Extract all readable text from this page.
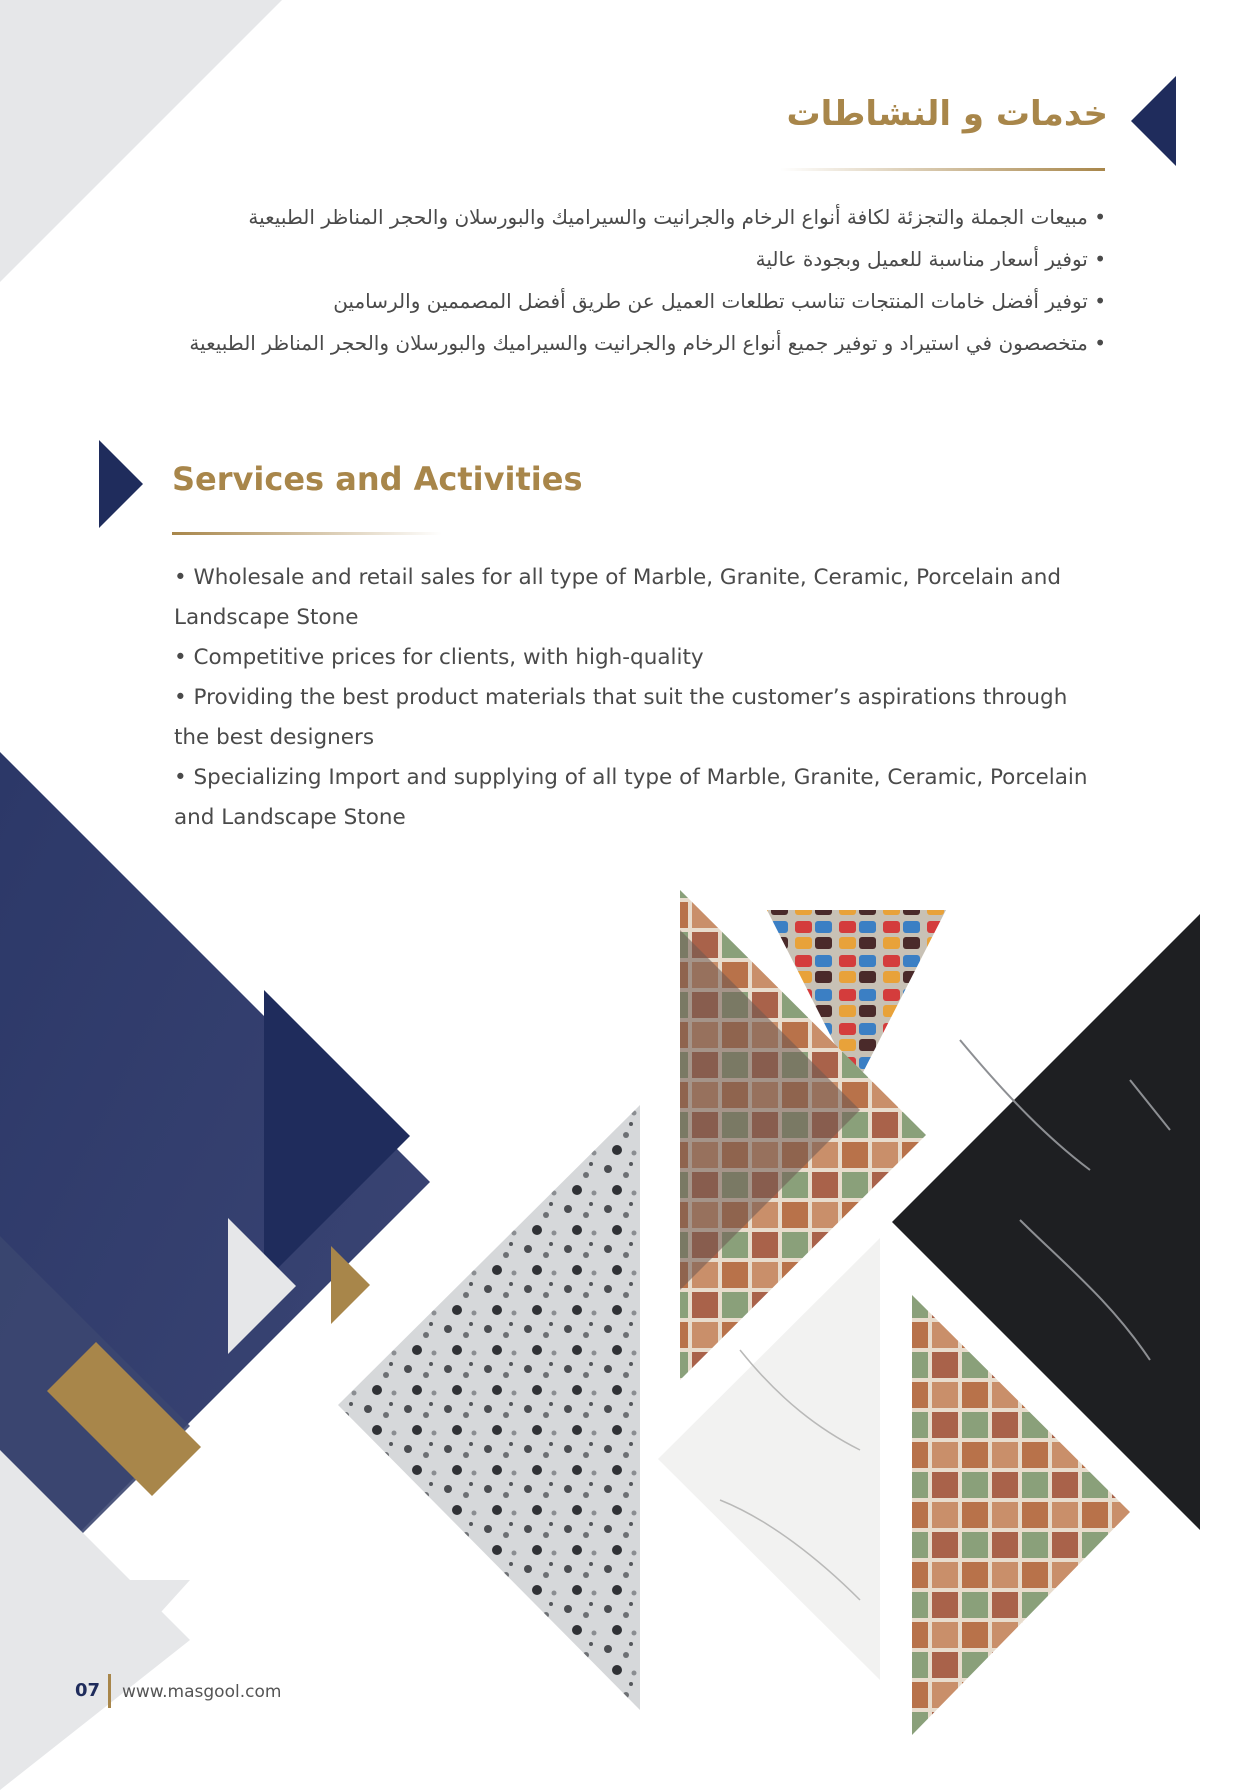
خدمات و النشاطات
• مبيعات الجملة والتجزئة لكافة أنواع الرخام والجرانيت والسيراميك والبورسلان والحجر المناظر الطبيعية
• توفير أسعار مناسبة للعميل وبجودة عالية
• توفير أفضل خامات المنتجات تناسب تطلعات العميل عن طريق أفضل المصممين والرسامين
• متخصصون في استيراد و توفير جميع أنواع الرخام والجرانيت والسيراميك والبورسلان والحجر المناظر الطبيعية
Services and Activities
• Wholesale and retail sales for all type of Marble, Granite, Ceramic, Porcelain and Landscape Stone
• Competitive prices for clients, with high-quality
• Providing the best product materials that suit the customer’s aspirations through the best designers
• Specializing Import and supplying of all type of Marble, Granite, Ceramic, Porcelain and Landscape Stone
07 www.masgool.com
